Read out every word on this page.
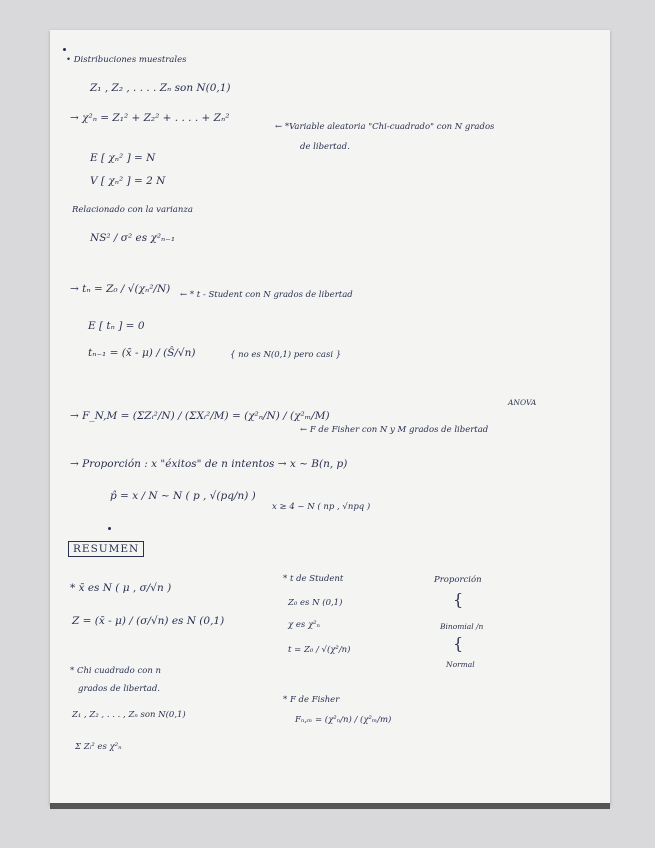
• Distribuciones muestrales
Z₁ , Z₂ , . . . . Zₙ son N(0,1)
→ χ²ₙ = Z₁² + Z₂² + . . . . + Zₙ²
← *Variable aleatoria "Chi-cuadrado" con N grados
de libertad.
E [ χₙ² ] = N
V [ χₙ² ] = 2 N
Relacionado con la varianza
NS² / σ² es χ²ₙ₋₁
→ tₙ = Z₀ / √(χₙ²/N) ← * t - Student con N grados de libertad
E [ tₙ ] = 0
tₙ₋₁ = (x̄ - μ) / (Ŝ/√n)	{ no es N(0,1) pero casi }
ANOVA
→ F_N,M = (ΣZᵢ²/N) / (ΣXᵢ²/M) = (χ²ₙ/N) / (χ²ₘ/M)
← F de Fisher con N y M grados de libertad
→ Proporción : x "éxitos" de n intentos → x ~ B(n, p)
p̂ = x / N ~ N ( p , √(pq/n) )
x ≥ 4 ~ N ( np , √npq )
RESUMEN
* x̄ es N ( μ , σ/√n )
Z = (x̄ - μ) / (σ/√n) es N (0,1)
* t de Student
Z₀ es N (0,1)
χ es χ²ₙ
t = Z₀ / √(χ²/n)
Proporción
{
Binomial /n
{
Normal
* Chi cuadrado con n
grados de libertad.
Z₁ , Z₂ , . . . , Zₙ son N(0,1)
Σ Zᵢ² es χ²ₙ
* F de Fisher
Fₙ,ₘ = (χ²ₙ/n) / (χ²ₘ/m)
